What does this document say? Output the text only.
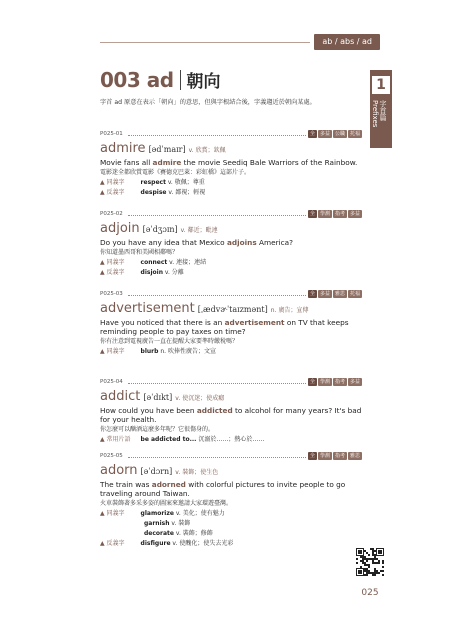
ab / abs / ad
1
字首篇 Prefixes
003 ad 朝向
字首 ad 原意在表示「朝向」的意思，但與字根結合後，字義趨近於朝向某處。
P025-01	全	多益	公職	托福
admire [ədˈmaɪr] v. 欣賞；欽佩
Movie fans all admire the movie Seediq Bale Warriors of the Rainbow.
電影迷全都欣賞電影《賽德克巴萊：彩虹橋》這部片子。
▲ 同義字	respect v. 敬佩；尊重
▲ 反義字	despise v. 鄙視；輕視
P025-02	全	學測	指考	多益
adjoin [əˈdʒɔɪn] v. 鄰近；毗連
Do you have any idea that Mexico adjoins America?
你知道墨西哥和美國相鄰嗎？
▲ 同義字	connect v. 連接；連結
▲ 反義字	disjoin v. 分離
P025-03	全	多益	雅思	托福
advertisement [ˌædvɚˈtaɪzmənt] n. 廣告；宣傳
Have you noticed that there is an advertisement on TV that keeps reminding people to pay taxes on time?
你有注意到電視廣告一直在提醒大家要準時繳稅嗎？
▲ 同義字	blurb n. 吹捧性廣告；文宣
P025-04	全	學測	指考	多益
addict [əˈdɪkt] v. 使沉迷；使成癮
How could you have been addicted to alcohol for many years? It's bad for your health.
你怎麼可以酗酒這麼多年呢？它很傷身的。
▲ 常用片語 be addicted to... 沉溺於……；熱心於……
P025-05	全	學測	指考	雅思
adorn [əˈdɔrn] v. 裝飾；使生色
The train was adorned with colorful pictures to invite people to go traveling around Taiwan.
火車裝飾著多采多姿的圖案來邀請大家環遊臺灣。
▲ 同義字	glamorize v. 美化；使有魅力
garnish v. 裝飾
decorate v. 裝飾；修飾
▲ 反義字	disfigure v. 使醜化；使失去光彩
025
